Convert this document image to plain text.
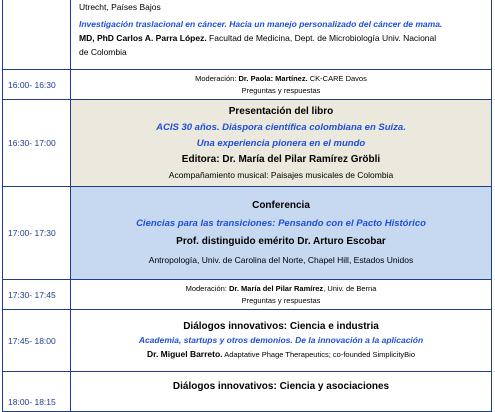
	Utrecht, Países Bajos
Investigación traslacional en cáncer. Hacia un manejo personalizado del cáncer de mama.
MD, PhD Carlos A. Parra López. Facultad de Medicina, Dept. de Microbiología Univ. Nacional
de Colombia

16:00- 16:30	Moderación: Dr. Paola: Martínez. CK-CARE Davos
Preguntas y respuestas

16:30- 17:00	Presentación del libro
ACIS 30 años. Diáspora científica colombiana en Suiza.
Una experiencia pionera en el mundo
Editora: Dr. María del Pilar Ramírez Gröbli
Acompañamiento musical: Paisajes musicales de Colombia

17:00- 17:30	Conferencia
Ciencias para las transiciones: Pensando con el Pacto Histórico
Prof. distinguido emérito Dr. Arturo Escobar
Antropología, Univ. de Carolina del Norte, Chapel Hill, Estados Unidos

17:30- 17:45	Moderación: Dr. María del Pilar Ramírez, Univ. de Berna
Preguntas y respuestas

17:45- 18:00	Diálogos innovativos: Ciencia e industria
Academia, startups y otros demonios. De la innovación a la aplicación
Dr. Miguel Barreto. Adaptative Phage Therapeutics; co-founded SimplicityBio

18:00- 18:15	Diálogos innovativos: Ciencia y asociaciones
